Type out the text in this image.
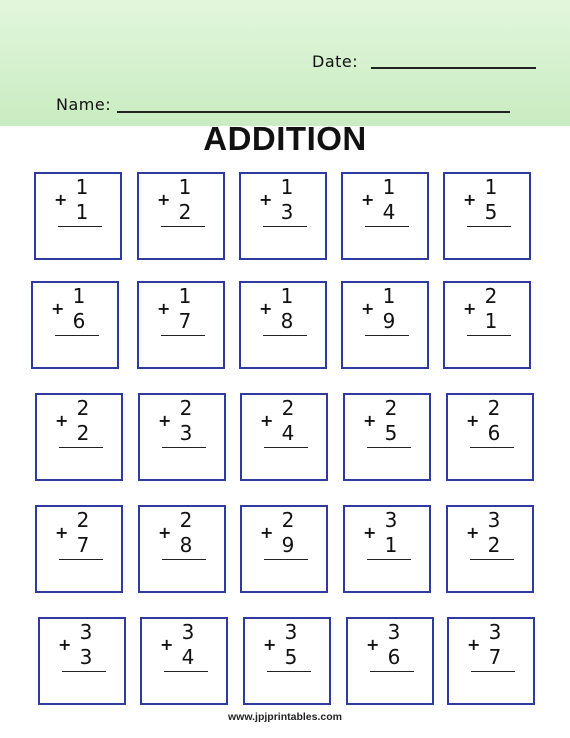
Date:
Name:
ADDITION
1
+
1
1
+
2
1
+
3
1
+
4
1
+
5
1
+
6
1
+
7
1
+
8
1
+
9
2
+
1
2
+
2
2
+
3
2
+
4
2
+
5
2
+
6
2
+
7
2
+
8
2
+
9
3
+
1
3
+
2
3
+
3
3
+
4
3
+
5
3
+
6
3
+
7
www.jpjprintables.com
